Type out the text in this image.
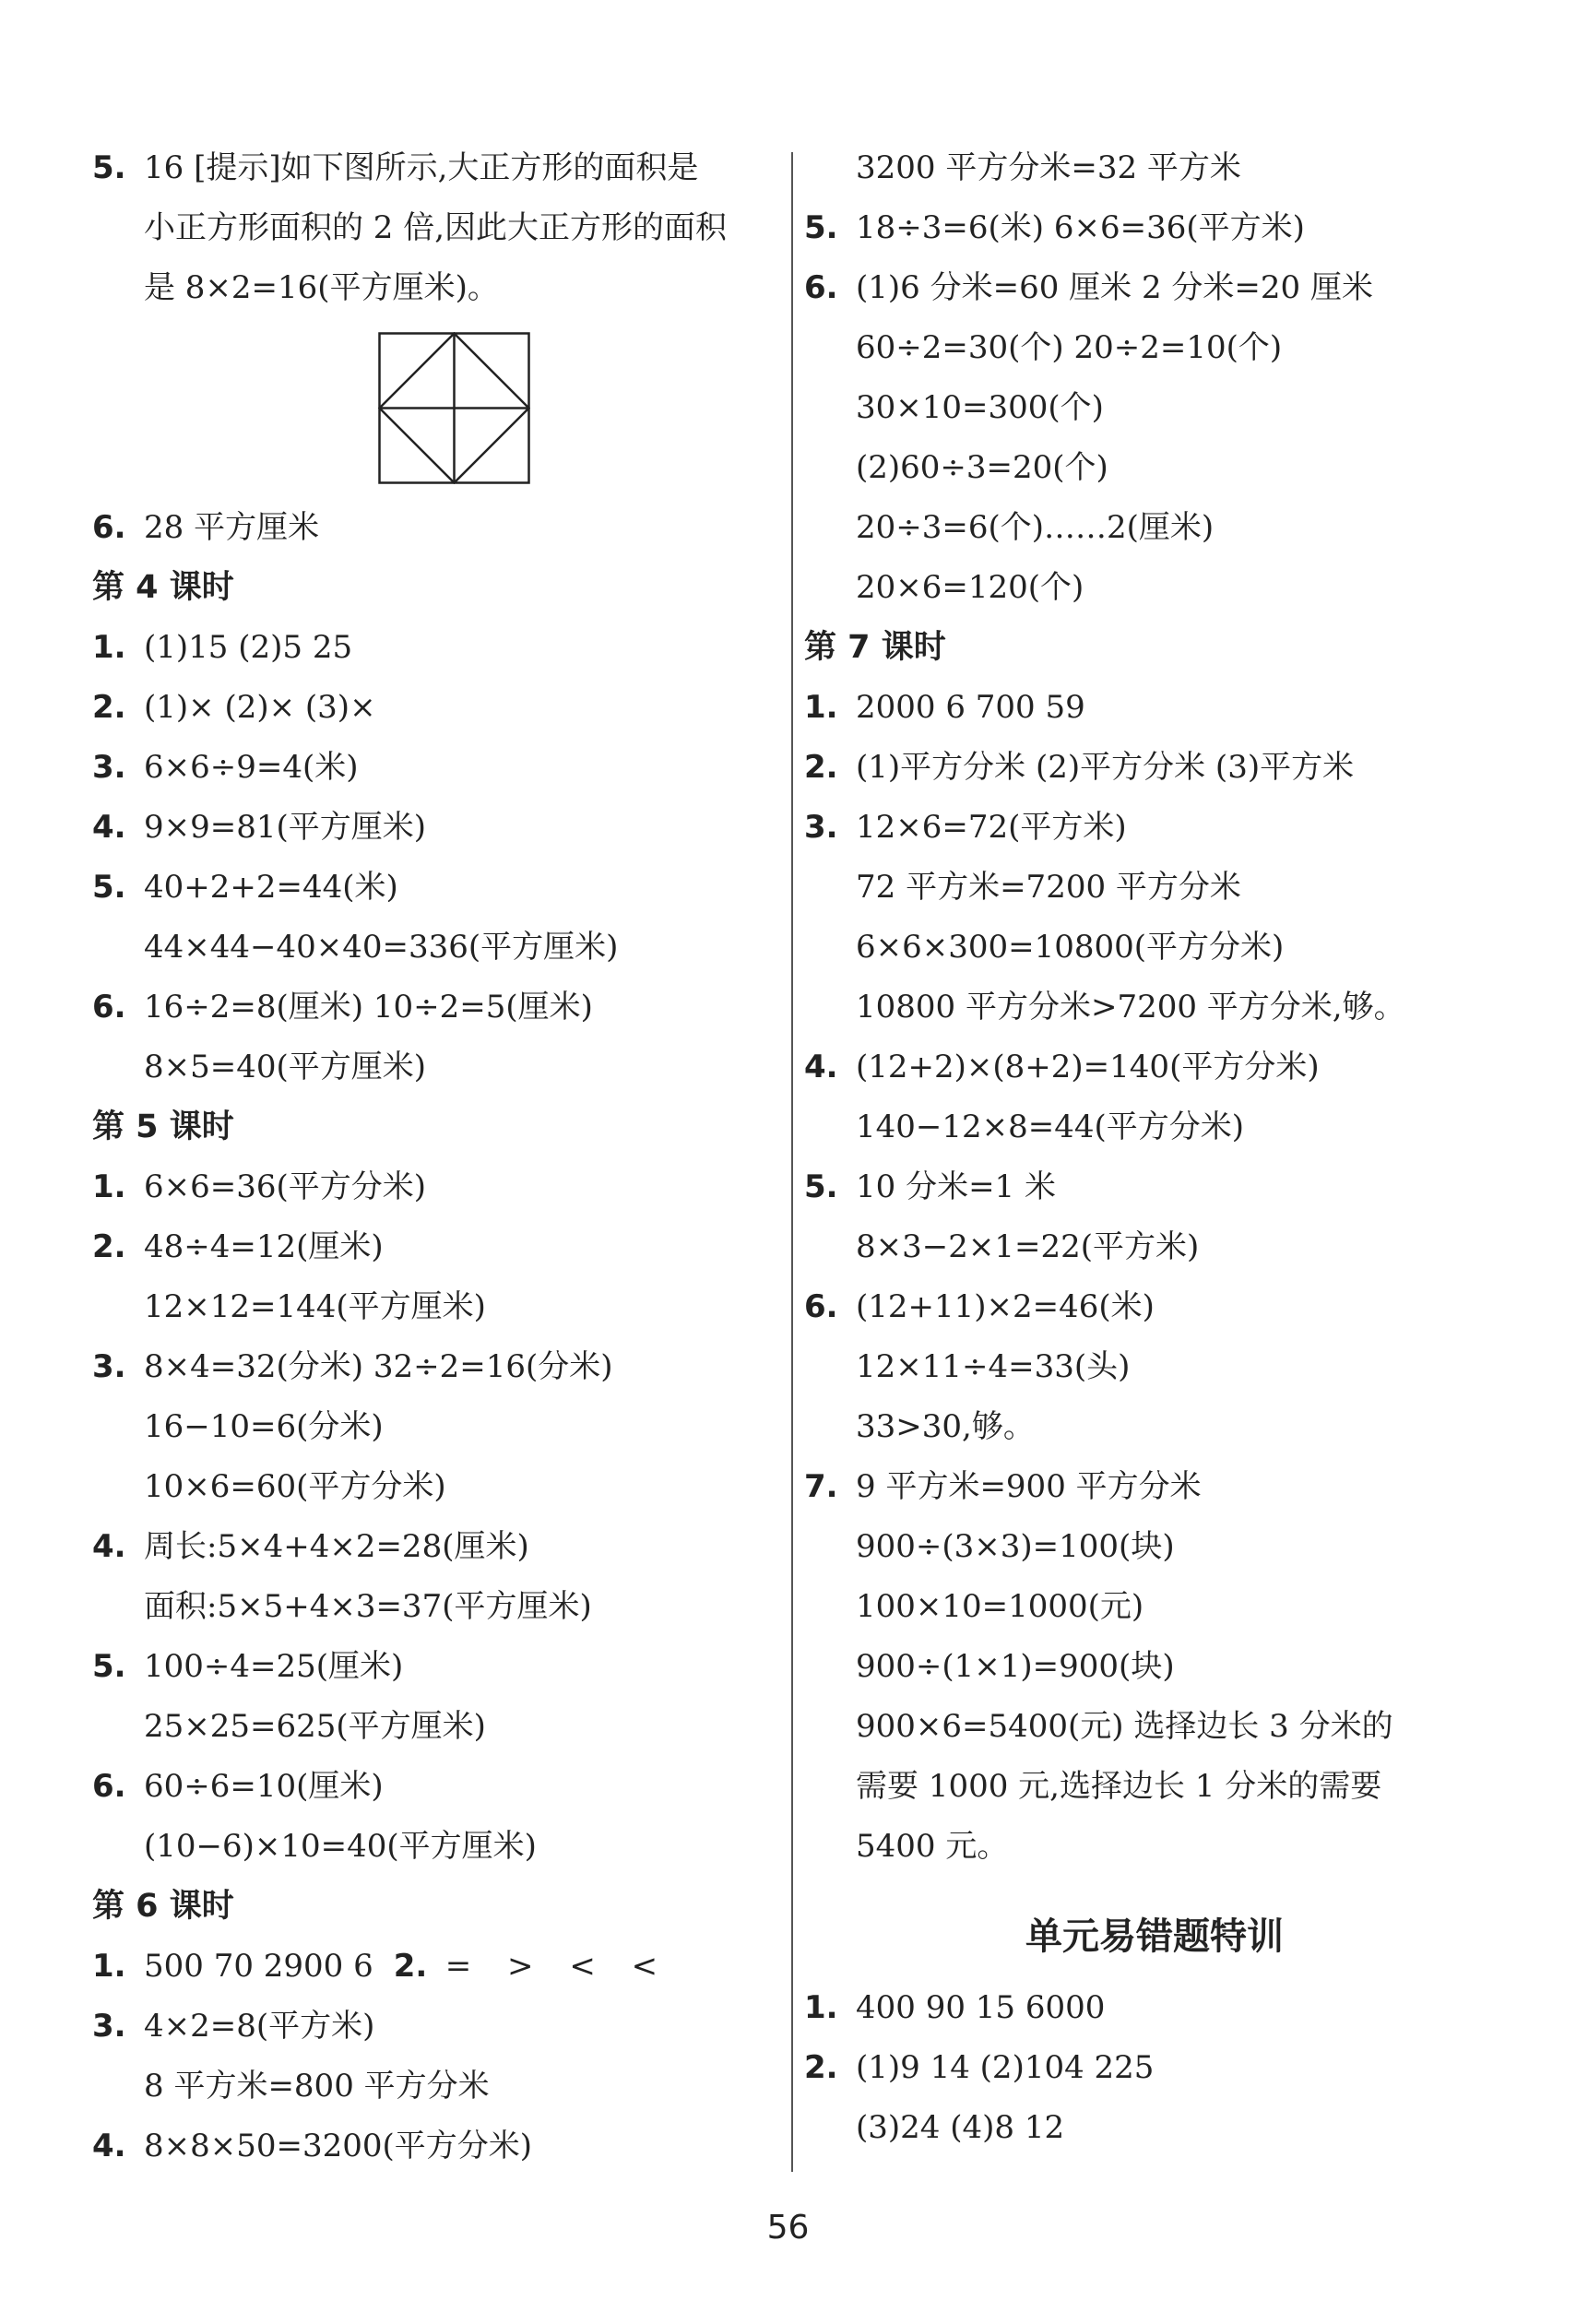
5. 16 [提示]如下图所示,大正方形的面积是
小正方形面积的 2 倍,因此大正方形的面积
是 8×2=16(平方厘米)。
6. 28 平方厘米
第 4 课时
1. (1)15 (2)5 25
2. (1)× (2)× (3)×
3. 6×6÷9=4(米)
4. 9×9=81(平方厘米)
5. 40+2+2=44(米)
44×44−40×40=336(平方厘米)
6. 16÷2=8(厘米) 10÷2=5(厘米)
8×5=40(平方厘米)
第 5 课时
1. 6×6=36(平方分米)
2. 48÷4=12(厘米)
12×12=144(平方厘米)
3. 8×4=32(分米) 32÷2=16(分米)
16−10=6(分米)
10×6=60(平方分米)
4. 周长:5×4+4×2=28(厘米)
面积:5×5+4×3=37(平方厘米)
5. 100÷4=25(厘米)
25×25=625(平方厘米)
6. 60÷6=10(厘米)
(10−6)×10=40(平方厘米)
第 6 课时
1. 500 70 2900 6 2. = > < <
3. 4×2=8(平方米)
8 平方米=800 平方分米
4. 8×8×50=3200(平方分米)
3200 平方分米=32 平方米
5. 18÷3=6(米) 6×6=36(平方米)
6. (1)6 分米=60 厘米 2 分米=20 厘米
60÷2=30(个) 20÷2=10(个)
30×10=300(个)
(2)60÷3=20(个)
20÷3=6(个)……2(厘米)
20×6=120(个)
第 7 课时
1. 2000 6 700 59
2. (1)平方分米 (2)平方分米 (3)平方米
3. 12×6=72(平方米)
72 平方米=7200 平方分米
6×6×300=10800(平方分米)
10800 平方分米>7200 平方分米,够。
4. (12+2)×(8+2)=140(平方分米)
140−12×8=44(平方分米)
5. 10 分米=1 米
8×3−2×1=22(平方米)
6. (12+11)×2=46(米)
12×11÷4=33(头)
33>30,够。
7. 9 平方米=900 平方分米
900÷(3×3)=100(块)
100×10=1000(元)
900÷(1×1)=900(块)
900×6=5400(元) 选择边长 3 分米的
需要 1000 元,选择边长 1 分米的需要
5400 元。
单元易错题特训
1. 400 90 15 6000
2. (1)9 14 (2)104 225
(3)24 (4)8 12
56
